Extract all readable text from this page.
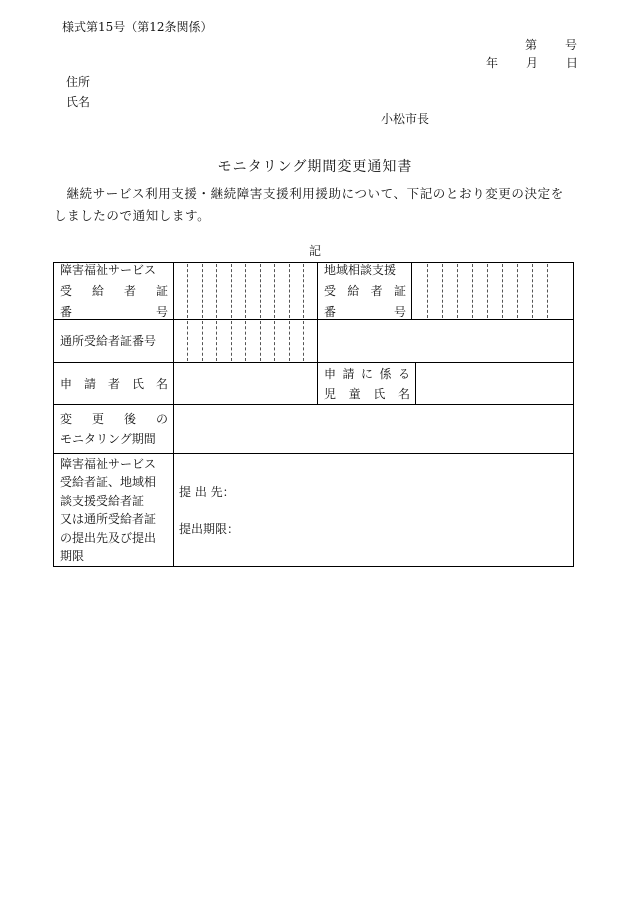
様式第15号（第12条関係）
第 号
年 月 日
住所
氏名
小松市長
モニタリング期間変更通知書
継続サービス利用支援・継続障害支援利用援助について、下記のとおり変更の決定をしましたので通知します。
記
障害福祉サービス
受 給 者 証
番	号
地域相談支援
受 給 者 証
番	号
通所受給者証番号
申 請 者 氏 名
申 請 に 係 る
児 童 氏 名
変 更 後 の
モニタリング期間
障害福祉サービス
受給者証、地域相
談支援受給者証
又は通所受給者証
の提出先及び提出
期限
提 出 先：
提出期限：
